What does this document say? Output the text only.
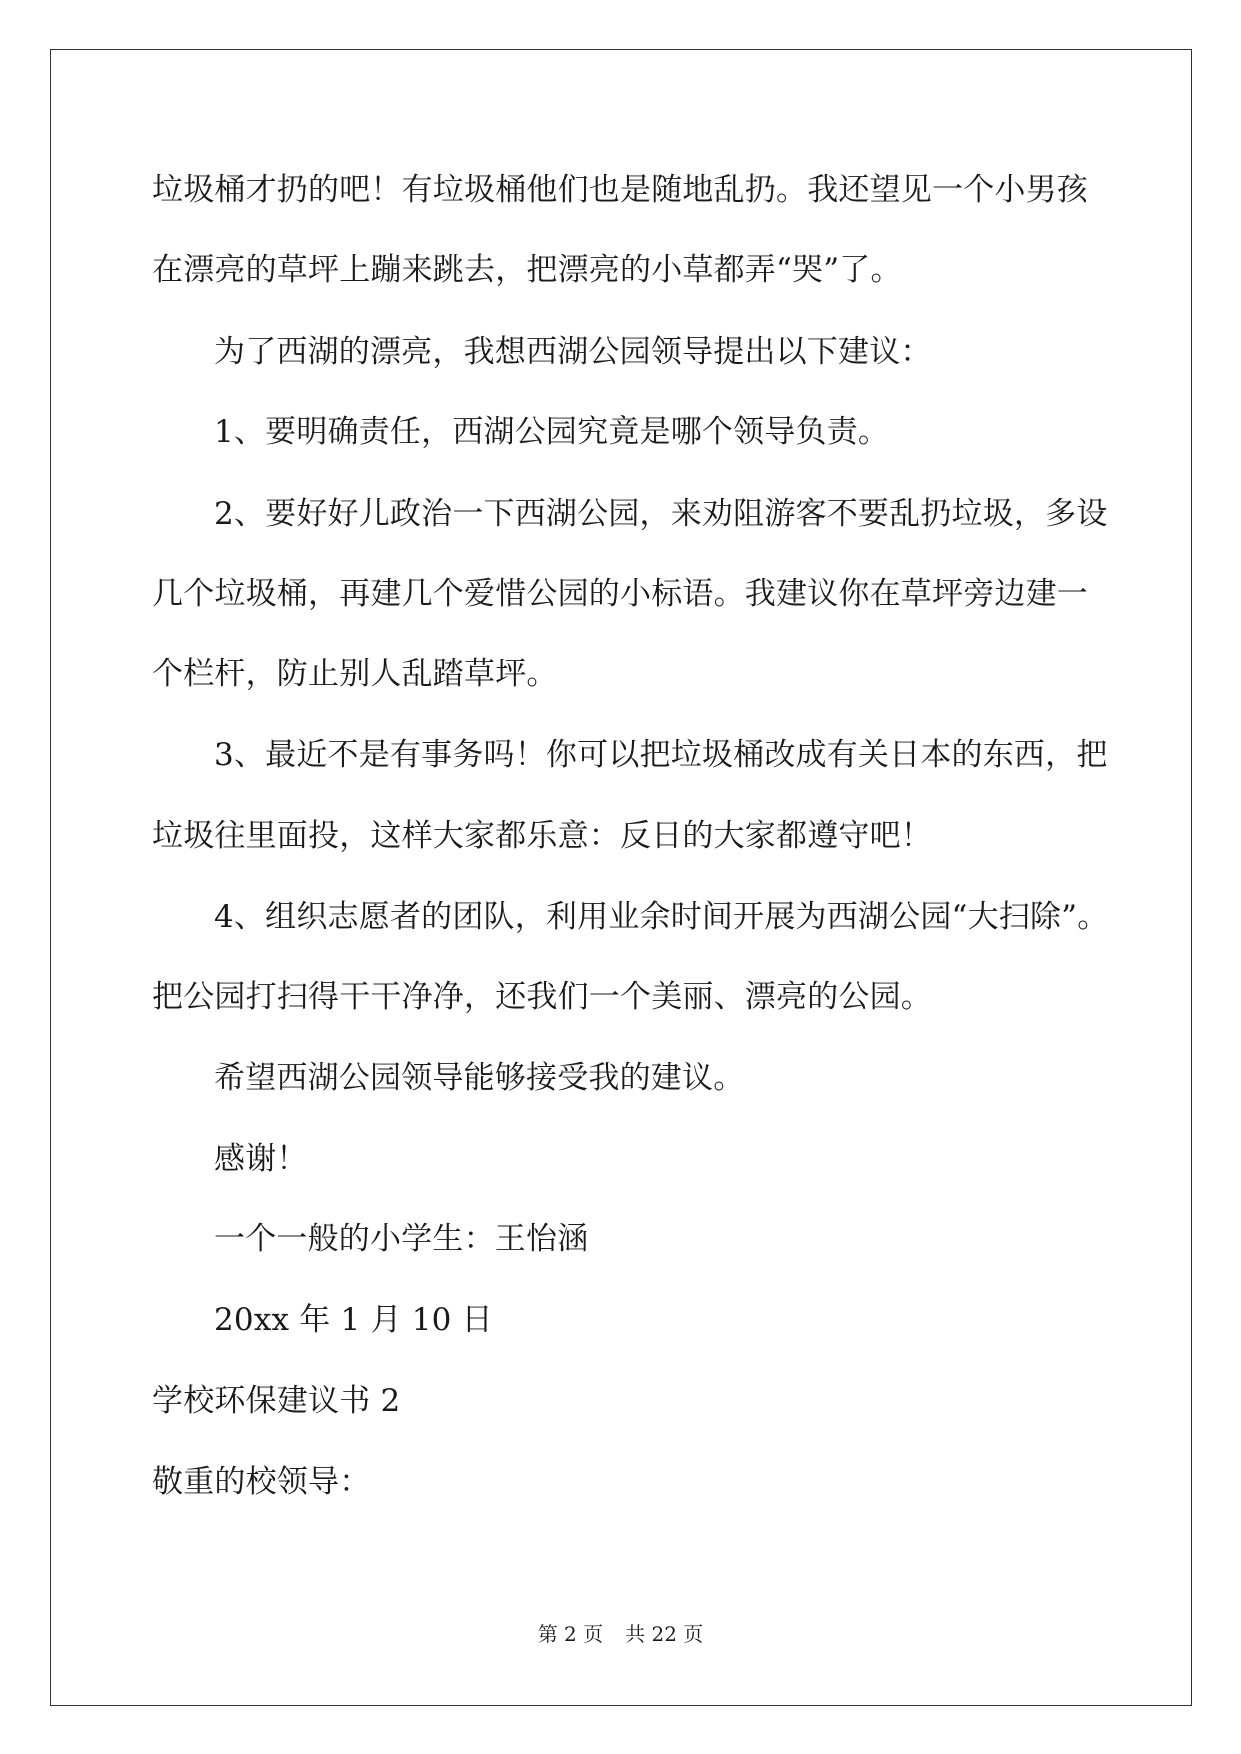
垃圾桶才扔的吧！有垃圾桶他们也是随地乱扔。我还望见一个小男孩
在漂亮的草坪上蹦来跳去，把漂亮的小草都弄“哭”了。
为了西湖的漂亮，我想西湖公园领导提出以下建议：
1、要明确责任，西湖公园究竟是哪个领导负责。
2、要好好儿政治一下西湖公园，来劝阻游客不要乱扔垃圾，多设
几个垃圾桶，再建几个爱惜公园的小标语。我建议你在草坪旁边建一
个栏杆，防止别人乱踏草坪。
3、最近不是有事务吗！你可以把垃圾桶改成有关日本的东西，把
垃圾往里面投，这样大家都乐意：反日的大家都遵守吧！
4、组织志愿者的团队，利用业余时间开展为西湖公园“大扫除”。
把公园打扫得干干净净，还我们一个美丽、漂亮的公园。
希望西湖公园领导能够接受我的建议。
感谢！
一个一般的小学生：王怡涵
20xx 年 1 月 10 日
学校环保建议书 2
敬重的校领导：
第 2 页 共 22 页
